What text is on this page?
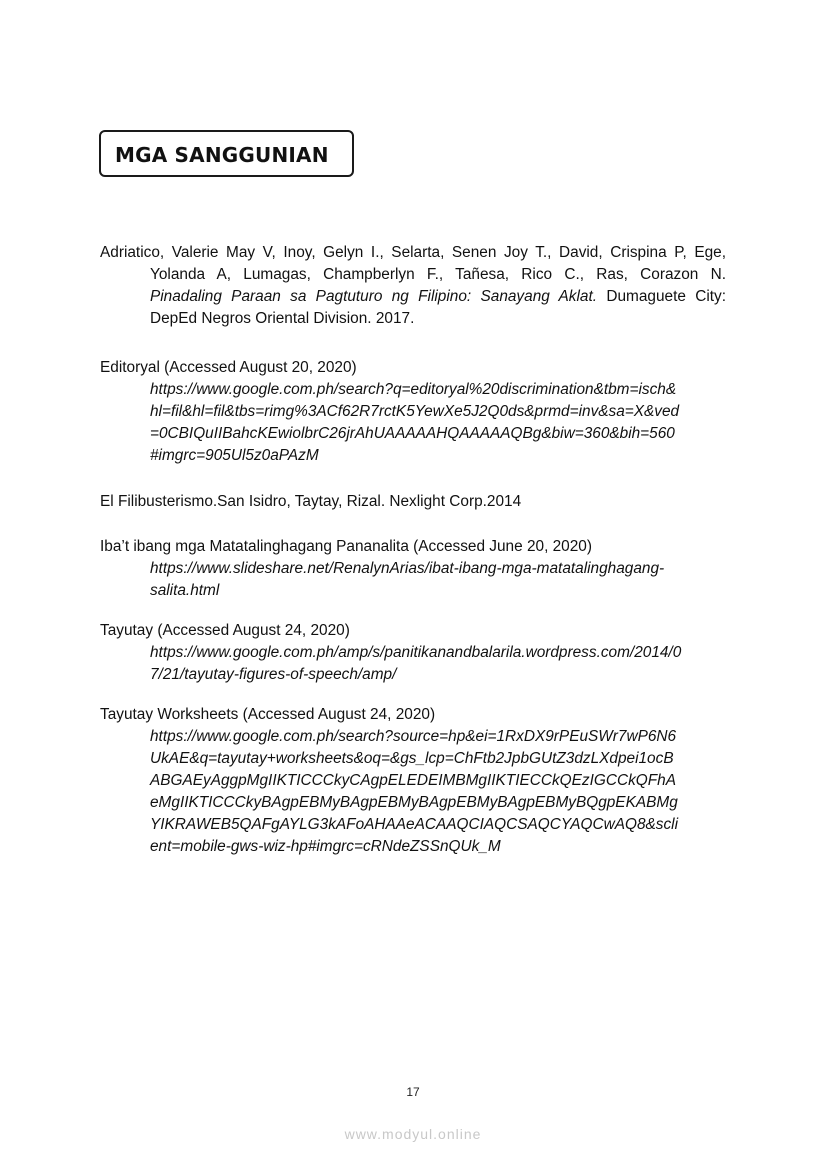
MGA SANGGUNIAN
Adriatico, Valerie May V, Inoy, Gelyn I., Selarta, Senen Joy T., David, Crispina P, Ege,
Yolanda A, Lumagas, Champberlyn F., Tañesa, Rico C., Ras, Corazon N.
Pinadaling Paraan sa Pagtuturo ng Filipino: Sanayang Aklat. Dumaguete City:
DepEd Negros Oriental Division. 2017.
Editoryal (Accessed August 20, 2020)
https://www.google.com.ph/search?q=editoryal%20discrimination&tbm=isch&
hl=fil&hl=fil&tbs=rimg%3ACf62R7rctK5YewXe5J2Q0ds&prmd=inv&sa=X&ved
=0CBIQuIIBahcKEwiolbrC26jrAhUAAAAAHQAAAAAQBg&biw=360&bih=560
#imgrc=905Ul5z0aPAzM
El Filibusterismo.San Isidro, Taytay, Rizal. Nexlight Corp.2014
Iba’t ibang mga Matatalinghagang Pananalita (Accessed June 20, 2020)
https://www.slideshare.net/RenalynArias/ibat-ibang-mga-matatalinghagang-
salita.html
Tayutay (Accessed August 24, 2020)
https://www.google.com.ph/amp/s/panitikanandbalarila.wordpress.com/2014/0
7/21/tayutay-figures-of-speech/amp/
Tayutay Worksheets (Accessed August 24, 2020)
https://www.google.com.ph/search?source=hp&ei=1RxDX9rPEuSWr7wP6N6
UkAE&q=tayutay+worksheets&oq=&gs_lcp=ChFtb2JpbGUtZ3dzLXdpei1ocB
ABGAEyAggpMgIIKTICCCkyCAgpELEDEIMBMgIIKTIECCkQEzIGCCkQFhA
eMgIIKTICCCkyBAgpEBMyBAgpEBMyBAgpEBMyBAgpEBMyBQgpEKABMg
YIKRAWEB5QAFgAYLG3kAFoAHAAeACAAQCIAQCSAQCYAQCwAQ8&scli
ent=mobile-gws-wiz-hp#imgrc=cRNdeZSSnQUk_M
17
www.modyul.online
